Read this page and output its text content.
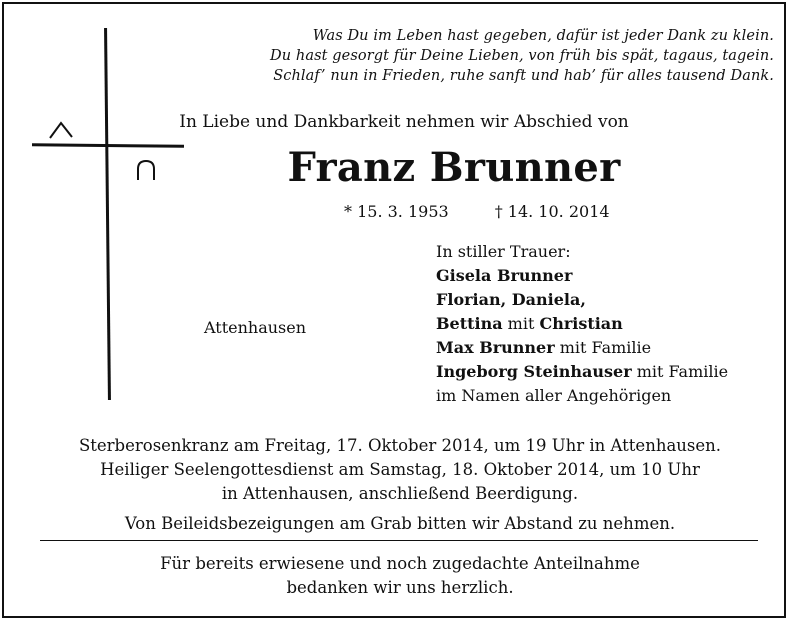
Was Du im Leben hast gegeben, dafür ist jeder Dank zu klein.
Du hast gesorgt für Deine Lieben, von früh bis spät, tagaus, tagein.
Schlaf’ nun in Frieden, ruhe sanft und hab’ für alles tausend Dank.
In Liebe und Dankbarkeit nehmen wir Abschied von
Franz Brunner
* 15. 3. 1953	† 14. 10. 2014
Attenhausen
In stiller Trauer:
Gisela Brunner
Florian, Daniela,
Bettina mit Christian
Max Brunner mit Familie
Ingeborg Steinhauser mit Familie
im Namen aller Angehörigen

Sterberosenkranz am Freitag, 17. Oktober 2014, um 19 Uhr in Attenhausen.

Heiliger Seelengottesdienst am Samstag, 18. Oktober 2014, um 10 Uhr

in Attenhausen, anschließend Beerdigung.

Von Beileidsbezeigungen am Grab bitten wir Abstand zu nehmen.

Für bereits erwiesene und noch zugedachte Anteilnahme

bedanken wir uns herzlich.
